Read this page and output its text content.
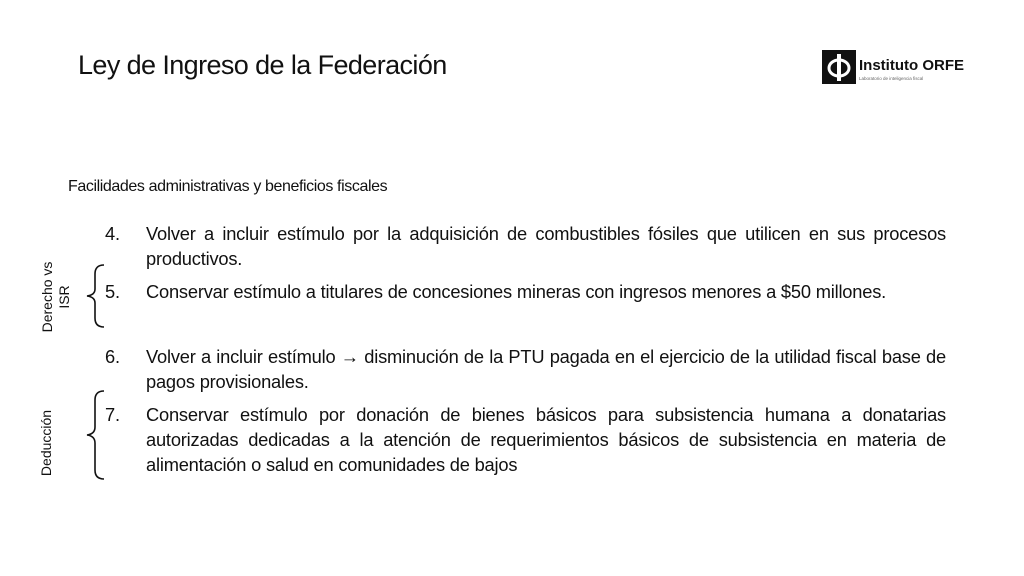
Ley de Ingreso de la Federación	Instituto ORFE
Laboratorio de inteligencia fiscal
Facilidades administrativas y beneficios fiscales
4. Volver a incluir estímulo por la adquisición de combustibles fósiles que utilicen en sus procesos productivos.
5. Conservar estímulo a titulares de concesiones mineras con ingresos menores a $50 millones.
6. Volver a incluir estímulo → disminución de la PTU pagada en el ejercicio de la utilidad fiscal base de pagos provisionales.
7. Conservar estímulo por donación de bienes básicos para subsistencia humana a donatarias autorizadas dedicadas a la atención de requerimientos básicos de subsistencia en materia de alimentación o salud en comunidades de bajos
Derecho vs ISR
Deducción
